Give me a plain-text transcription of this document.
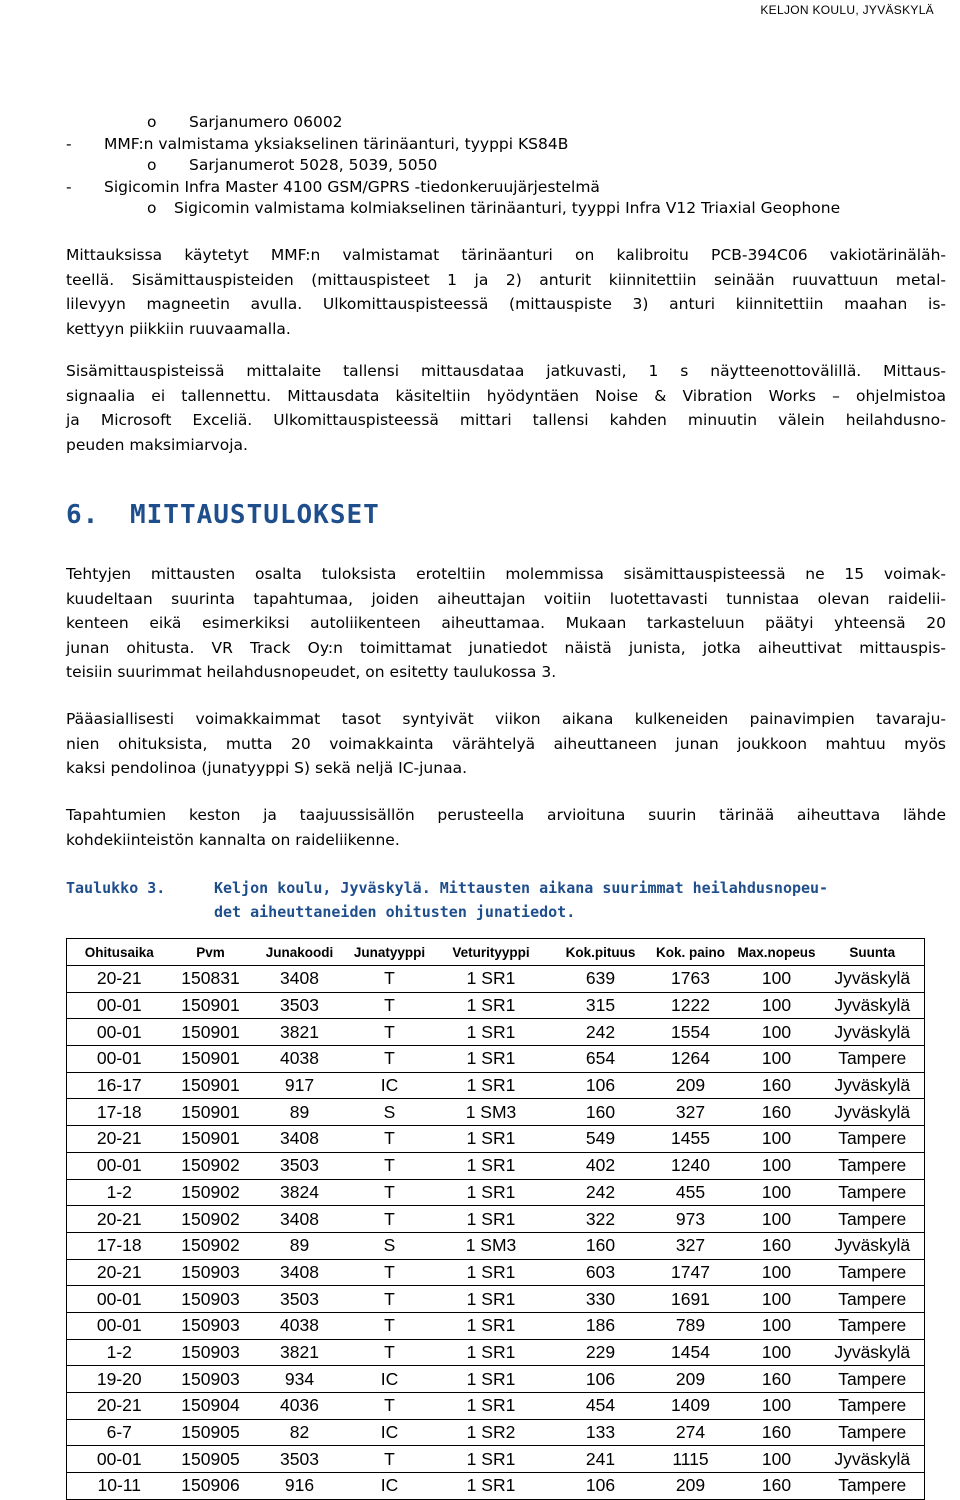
KELJON KOULU, JYVÄSKYLÄ
o Sarjanumero 06002
- MMF:n valmistama yksiakselinen tärinäanturi, tyyppi KS84B
o Sarjanumerot 5028, 5039, 5050
- Sigicomin Infra Master 4100 GSM/GPRS -tiedonkeruujärjestelmä
o Sigicomin valmistama kolmiakselinen tärinäanturi, tyyppi Infra V12 Triaxial Geophone
Mittauksissa käytetyt MMF:n valmistamat tärinäanturi on kalibroitu PCB-394C06 vakiotärinäläh-
teellä. Sisämittauspisteiden (mittauspisteet 1 ja 2) anturit kiinnitettiin seinään ruuvattuun metal-
lilevyyn magneetin avulla. Ulkomittauspisteessä (mittauspiste 3) anturi kiinnitettiin maahan is-
kettyyn piikkiin ruuvaamalla.
Sisämittauspisteissä mittalaite tallensi mittausdataa jatkuvasti, 1 s näytteenottovälillä. Mittaus-
signaalia ei tallennettu. Mittausdata käsiteltiin hyödyntäen Noise & Vibration Works – ohjelmistoa
ja Microsoft Exceliä. Ulkomittauspisteessä mittari tallensi kahden minuutin välein heilahdusno-
peuden maksimiarvoja.
6. MITTAUSTULOKSET
Tehtyjen mittausten osalta tuloksista eroteltiin molemmissa sisämittauspisteessä ne 15 voimak-
kuudeltaan suurinta tapahtumaa, joiden aiheuttajan voitiin luotettavasti tunnistaa olevan raidelii-
kenteen eikä esimerkiksi autoliikenteen aiheuttamaa. Mukaan tarkasteluun päätyi yhteensä 20
junan ohitusta. VR Track Oy:n toimittamat junatiedot näistä junista, jotka aiheuttivat mittauspis-
teisiin suurimmat heilahdusnopeudet, on esitetty taulukossa 3.
Pääasiallisesti voimakkaimmat tasot syntyivät viikon aikana kulkeneiden painavimpien tavaraju-
nien ohituksista, mutta 20 voimakkainta värähtelyä aiheuttaneen junan joukkoon mahtuu myös
kaksi pendolinoa (junatyyppi S) sekä neljä IC-junaa.
Tapahtumien keston ja taajuussisällön perusteella arvioituna suurin tärinää aiheuttava lähde
kohdekiinteistön kannalta on raideliikenne.
Taulukko 3.	Keljon koulu, Jyväskylä. Mittausten aikana suurimmat heilahdusnopeu-
det aiheuttaneiden ohitusten junatiedot.
Ohitusaika	Pvm	Junakoodi	Junatyyppi	Veturityyppi	Kok.pituus	Kok. paino	Max.nopeus	Suunta
20-21	150831	3408	T	1 SR1	639	1763	100	Jyväskylä
00-01	150901	3503	T	1 SR1	315	1222	100	Jyväskylä
00-01	150901	3821	T	1 SR1	242	1554	100	Jyväskylä
00-01	150901	4038	T	1 SR1	654	1264	100	Tampere
16-17	150901	917	IC	1 SR1	106	209	160	Jyväskylä
17-18	150901	89	S	1 SM3	160	327	160	Jyväskylä
20-21	150901	3408	T	1 SR1	549	1455	100	Tampere
00-01	150902	3503	T	1 SR1	402	1240	100	Tampere
1-2	150902	3824	T	1 SR1	242	455	100	Tampere
20-21	150902	3408	T	1 SR1	322	973	100	Tampere
17-18	150902	89	S	1 SM3	160	327	160	Jyväskylä
20-21	150903	3408	T	1 SR1	603	1747	100	Tampere
00-01	150903	3503	T	1 SR1	330	1691	100	Tampere
00-01	150903	4038	T	1 SR1	186	789	100	Tampere
1-2	150903	3821	T	1 SR1	229	1454	100	Jyväskylä
19-20	150903	934	IC	1 SR1	106	209	160	Tampere
20-21	150904	4036	T	1 SR1	454	1409	100	Tampere
6-7	150905	82	IC	1 SR2	133	274	160	Tampere
00-01	150905	3503	T	1 SR1	241	1115	100	Jyväskylä
10-11	150906	916	IC	1 SR1	106	209	160	Tampere
